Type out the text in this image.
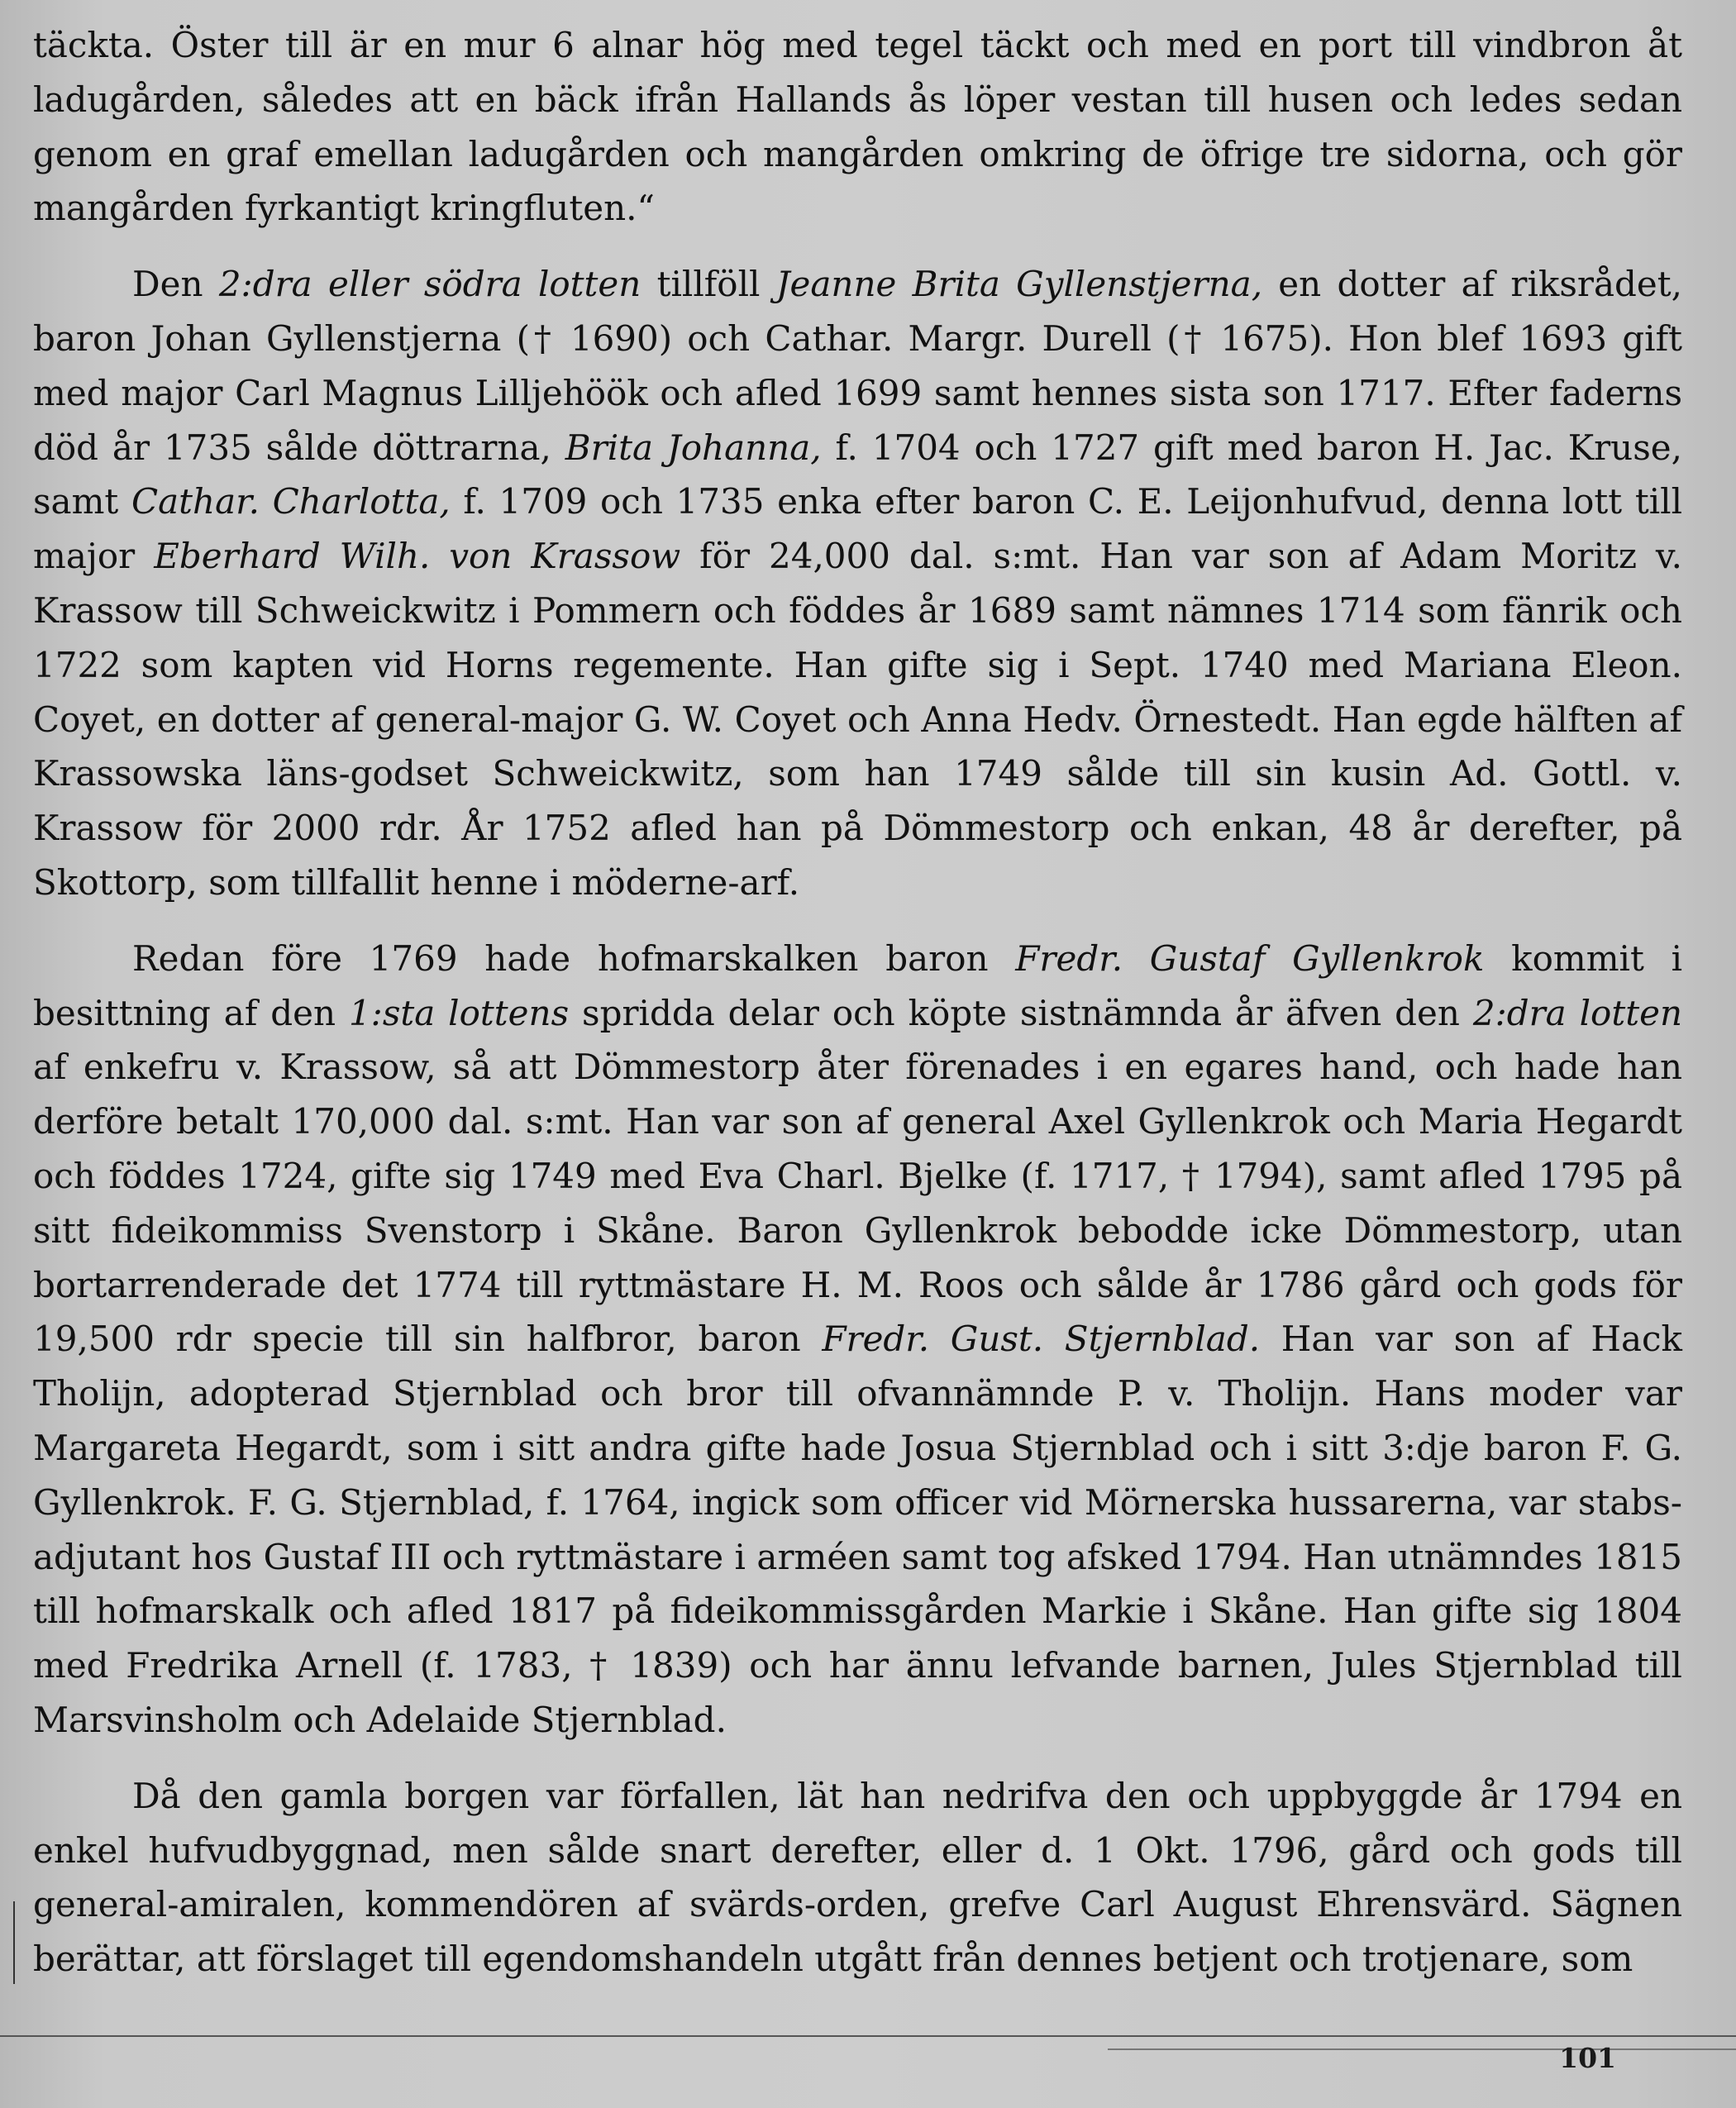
täckta. Öster till är en mur 6 alnar hög med tegel täckt och med en port till vindbron åt ladugården, således att en bäck ifrån Hallands ås löper vestan till husen och ledes sedan genom en graf emellan ladugården och mangården omkring de öfrige tre sidorna, och gör mangården fyrkantigt kringfluten.“

Den 2:dra eller södra lotten tillföll Jeanne Brita Gyllenstjerna, en dotter af riksrådet, baron Johan Gyllenstjerna († 1690) och Cathar. Margr. Durell († 1675). Hon blef 1693 gift med major Carl Magnus Lilljehöök och afled 1699 samt hennes sista son 1717. Efter faderns död år 1735 sålde döttrarna, Brita Johanna, f. 1704 och 1727 gift med baron H. Jac. Kruse, samt Cathar. Charlotta, f. 1709 och 1735 enka efter baron C. E. Leijonhufvud, denna lott till major Eberhard Wilh. von Krassow för 24,000 dal. s:mt. Han var son af Adam Moritz v. Krassow till Schweickwitz i Pommern och föddes år 1689 samt nämnes 1714 som fänrik och 1722 som kapten vid Horns regemente. Han gifte sig i Sept. 1740 med Mariana Eleon. Coyet, en dotter af general-major G. W. Coyet och Anna Hedv. Örnestedt. Han egde hälften af Krassowska läns-godset Schweickwitz, som han 1749 sålde till sin kusin Ad. Gottl. v. Krassow för 2000 rdr. År 1752 afled han på Dömmestorp och enkan, 48 år derefter, på Skottorp, som tillfallit henne i möderne-arf.

Redan före 1769 hade hofmarskalken baron Fredr. Gustaf Gyllenkrok kommit i besittning af den 1:sta lottens spridda delar och köpte sistnämnda år äfven den 2:dra lotten af enkefru v. Krassow, så att Dömmestorp åter förenades i en egares hand, och hade han derföre betalt 170,000 dal. s:mt. Han var son af general Axel Gyllenkrok och Maria Hegardt och föddes 1724, gifte sig 1749 med Eva Charl. Bjelke (f. 1717, † 1794), samt afled 1795 på sitt fideikommiss Svenstorp i Skåne. Baron Gyllenkrok bebodde icke Dömmestorp, utan bortarrenderade det 1774 till ryttmästare H. M. Roos och sålde år 1786 gård och gods för 19,500 rdr specie till sin halfbror, baron Fredr. Gust. Stjernblad. Han var son af Hack Tholijn, adopterad Stjernblad och bror till ofvannämnde P. v. Tholijn. Hans moder var Margareta Hegardt, som i sitt andra gifte hade Josua Stjernblad och i sitt 3:dje baron F. G. Gyllenkrok. F. G. Stjernblad, f. 1764, ingick som officer vid Mörnerska hussarerna, var stabs-adjutant hos Gustaf III och ryttmästare i arméen samt tog afsked 1794. Han utnämndes 1815 till hofmarskalk och afled 1817 på fideikommissgården Markie i Skåne. Han gifte sig 1804 med Fredrika Arnell (f. 1783, † 1839) och har ännu lefvande barnen, Jules Stjernblad till Marsvinsholm och Adelaide Stjernblad.

Då den gamla borgen var förfallen, lät han nedrifva den och uppbyggde år 1794 en enkel hufvudbyggnad, men sålde snart derefter, eller d. 1 Okt. 1796, gård och gods till general-amiralen, kommendören af svärds-orden, grefve Carl August Ehrensvärd. Sägnen berättar, att förslaget till egendomshandeln utgått från dennes betjent och trotjenare, som

101
